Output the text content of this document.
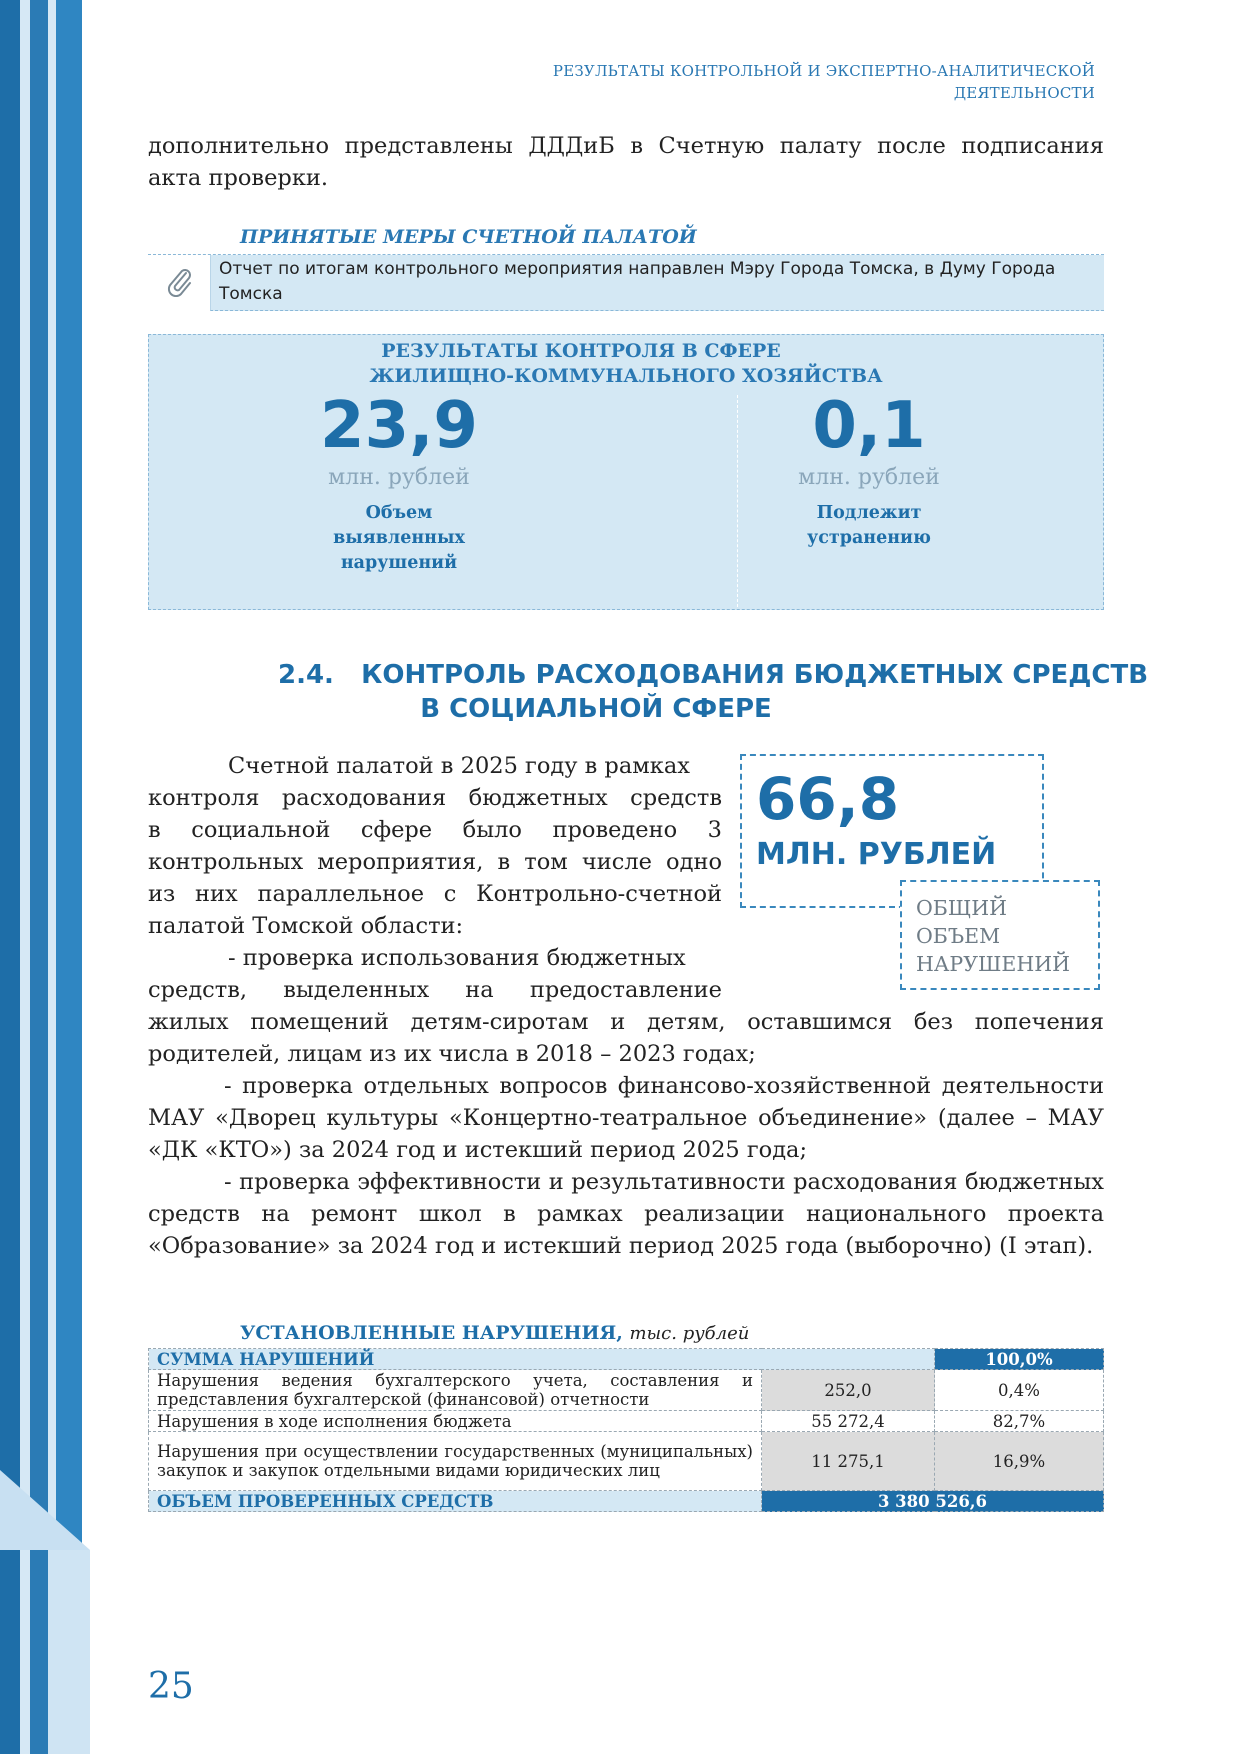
РЕЗУЛЬТАТЫ КОНТРОЛЬНОЙ И ЭКСПЕРТНО-АНАЛИТИЧЕСКОЙ
ДЕЯТЕЛЬНОСТИ

дополнительно представлены ДДДиБ в Счетную палату после подписания

акта проверки.

ПРИНЯТЫЕ МЕРЫ СЧЕТНОЙ ПАЛАТОЙ
Отчет по итогам контрольного мероприятия направлен Мэру Города Томска, в Думу Города Томска
РЕЗУЛЬТАТЫ КОНТРОЛЯ В СФЕРЕ
ЖИЛИЩНО-КОММУНАЛЬНОГО ХОЗЯЙСТВА
23,9
млн. рублей
Объем
выявленных
нарушений
0,1
млн. рублей
Подлежит
устранению
2.4.   КОНТРОЛЬ РАСХОДОВАНИЯ БЮДЖЕТНЫХ СРЕДСТВ
В СОЦИАЛЬНОЙ СФЕРЕ
Счетной палатой в 2025 году в рамках
контроля расходования бюджетных средств
в социальной сфере было проведено 3
контрольных мероприятия, в том числе одно
из них параллельное с Контрольно-счетной
палатой Томской области:
- проверка использования бюджетных
средств, выделенных на предоставление
66,8
МЛН. РУБЛЕЙ
ОБЩИЙ
ОБЪЕМ
НАРУШЕНИЙ

жилых помещений детям-сиротам и детям, оставшимся без попечения родителей, лицам из их числа в 2018 – 2023 годах;

- проверка отдельных вопросов финансово-хозяйственной деятельности МАУ «Дворец культуры «Концертно-театральное объединение» (далее – МАУ «ДК «КТО») за 2024 год и истекший период 2025 года;

- проверка эффективности и результативности расходования бюджетных средств на ремонт школ в рамках реализации национального проекта «Образование» за 2024 год и истекший период 2025 года (выборочно) (I этап).

УСТАНОВЛЕННЫЕ НАРУШЕНИЯ, тыс. рублей
СУММА НАРУШЕНИЙ		100,0%
Нарушения ведения бухгалтерского учета, составления и представления бухгалтерской (финансовой) отчетности	252,0	0,4%
Нарушения в ходе исполнения бюджета	55 272,4	82,7%
Нарушения при осуществлении государственных (муниципальных) закупок и закупок отдельными видами юридических лиц	11 275,1	16,9%
ОБЪЕМ ПРОВЕРЕННЫХ СРЕДСТВ	3 380 526,6	
25
